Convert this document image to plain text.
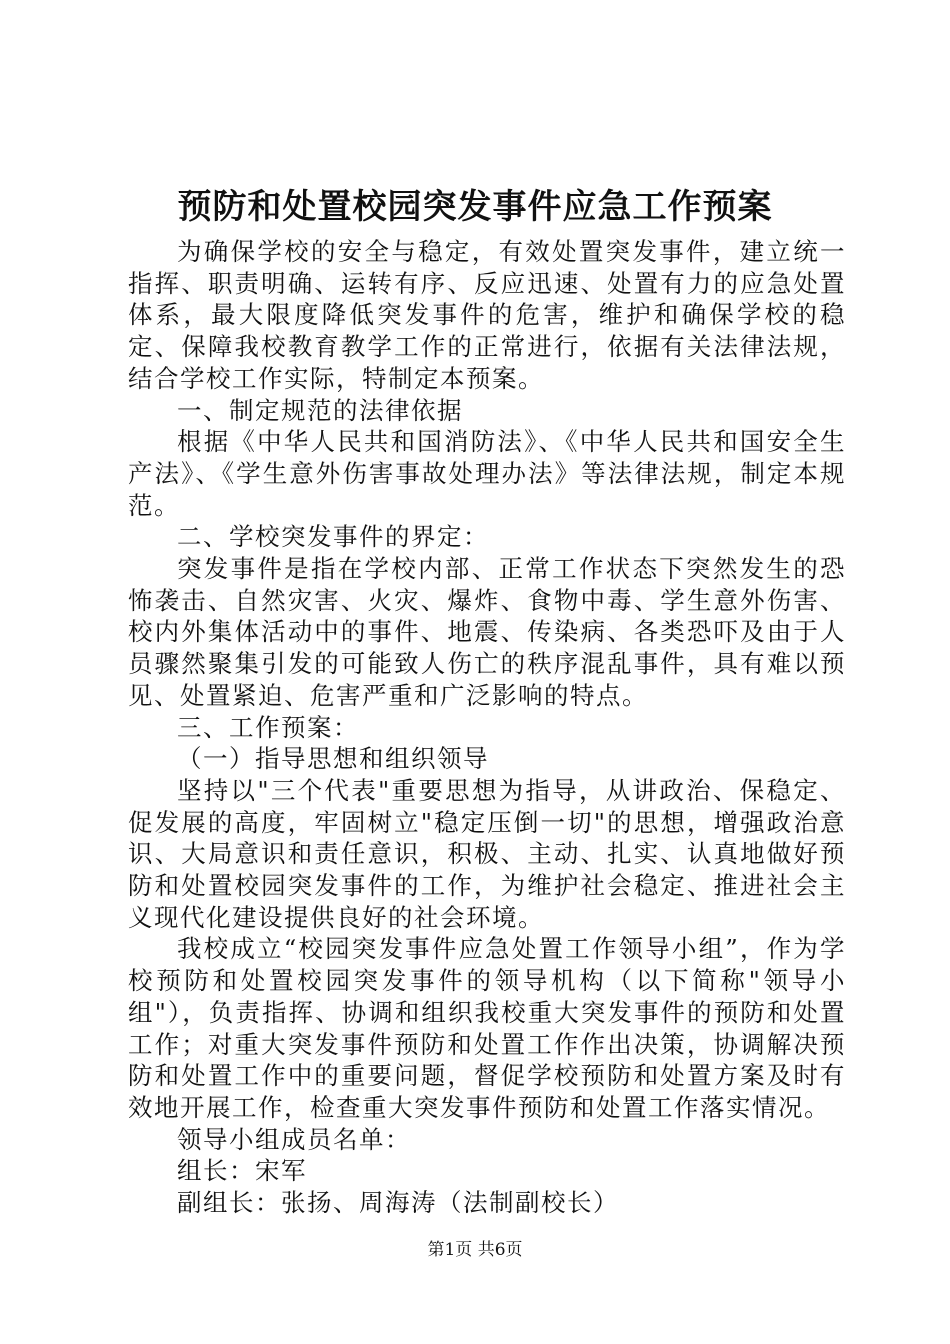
预防和处置校园突发事件应急工作预案

为确保学校的安全与稳定，有效处置突发事件，建立统一指挥、职责明确、运转有序、反应迅速、处置有力的应急处置体系，最大限度降低突发事件的危害，维护和确保学校的稳定、保障我校教育教学工作的正常进行，依据有关法律法规，结合学校工作实际，特制定本预案。

一、制定规范的法律依据

根据《中华人民共和国消防法》、《中华人民共和国安全生产法》、《学生意外伤害事故处理办法》等法律法规，制定本规范。

二、学校突发事件的界定：

突发事件是指在学校内部、正常工作状态下突然发生的恐怖袭击、自然灾害、火灾、爆炸、食物中毒、学生意外伤害、校内外集体活动中的事件、地震、传染病、各类恐吓及由于人员骤然聚集引发的可能致人伤亡的秩序混乱事件，具有难以预见、处置紧迫、危害严重和广泛影响的特点。

三、工作预案：

（一）指导思想和组织领导

坚持以"三个代表"重要思想为指导，从讲政治、保稳定、促发展的高度，牢固树立"稳定压倒一切"的思想，增强政治意识、大局意识和责任意识，积极、主动、扎实、认真地做好预防和处置校园突发事件的工作，为维护社会稳定、推进社会主义现代化建设提供良好的社会环境。

我校成立“校园突发事件应急处置工作领导小组”，作为学校预防和处置校园突发事件的领导机构（以下简称"领导小组"），负责指挥、协调和组织我校重大突发事件的预防和处置工作；对重大突发事件预防和处置工作作出决策，协调解决预防和处置工作中的重要问题，督促学校预防和处置方案及时有效地开展工作，检查重大突发事件预防和处置工作落实情况。

领导小组成员名单：

组长：宋军

副组长：张扬、周海涛（法制副校长）

第1页 共6页
